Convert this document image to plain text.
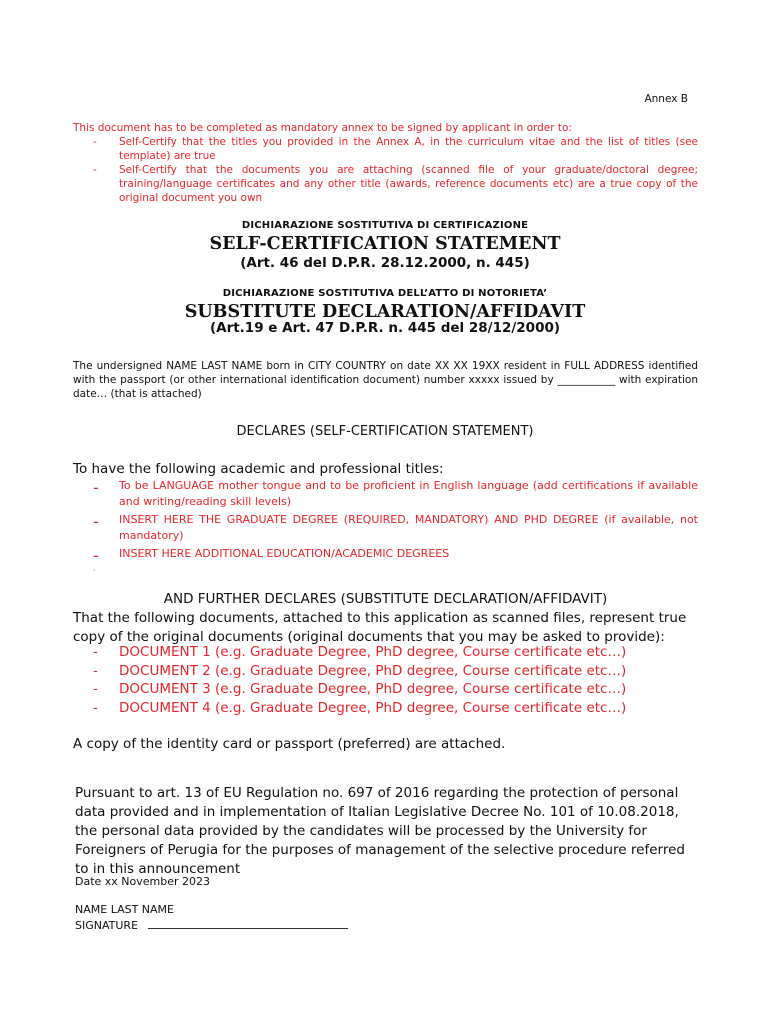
Annex B
This document has to be completed as mandatory annex to be signed by applicant in order to:
-	Self-Certify that the titles you provided in the Annex A, in the curriculum vitae and the list of titles (see template) are true
-	Self-Certify that the documents you are attaching (scanned file of your graduate/doctoral degree; training/language certificates and any other title (awards, reference documents etc) are a true copy of the original document you own
DICHIARAZIONE SOSTITUTIVA DI CERTIFICAZIONE
SELF-CERTIFICATION STATEMENT
(Art. 46 del D.P.R. 28.12.2000, n. 445)
DICHIARAZIONE SOSTITUTIVA DELL’ATTO DI NOTORIETA’
SUBSTITUTE DECLARATION/AFFIDAVIT
(Art.19 e Art. 47 D.P.R. n. 445 del 28/12/2000)
The undersigned NAME LAST NAME born in CITY COUNTRY on date XX XX 19XX resident in FULL ADDRESS identified with the passport (or other international identification document) number xxxxx issued by ___________ with expiration date… (that is attached)
DECLARES (SELF-CERTIFICATION STATEMENT)
To have the following academic and professional titles:
-	To be LANGUAGE mother tongue and to be proficient in English language (add certifications if available and writing/reading skill levels)
-	INSERT HERE THE GRADUATE DEGREE (REQUIRED, MANDATORY) AND PHD DEGREE (if available, not mandatory)
-	INSERT HERE ADDITIONAL EDUCATION/ACADEMIC DEGREES
·
AND FURTHER DECLARES (SUBSTITUTE DECLARATION/AFFIDAVIT)
That the following documents, attached to this application as scanned files, represent true copy of the original documents (original documents that you may be asked to provide):
-	DOCUMENT 1 (e.g. Graduate Degree, PhD degree, Course certificate etc…)
-	DOCUMENT 2 (e.g. Graduate Degree, PhD degree, Course certificate etc…)
-	DOCUMENT 3 (e.g. Graduate Degree, PhD degree, Course certificate etc…)
-	DOCUMENT 4 (e.g. Graduate Degree, PhD degree, Course certificate etc…)
A copy of the identity card or passport (preferred) are attached.
Pursuant to art. 13 of EU Regulation no. 697 of 2016 regarding the protection of personal data provided and in implementation of Italian Legislative Decree No. 101 of 10.08.2018, the personal data provided by the candidates will be processed by the University for Foreigners of Perugia for the purposes of management of the selective procedure referred to in this announcement
Date xx November 2023
NAME LAST NAME
SIGNATURE
